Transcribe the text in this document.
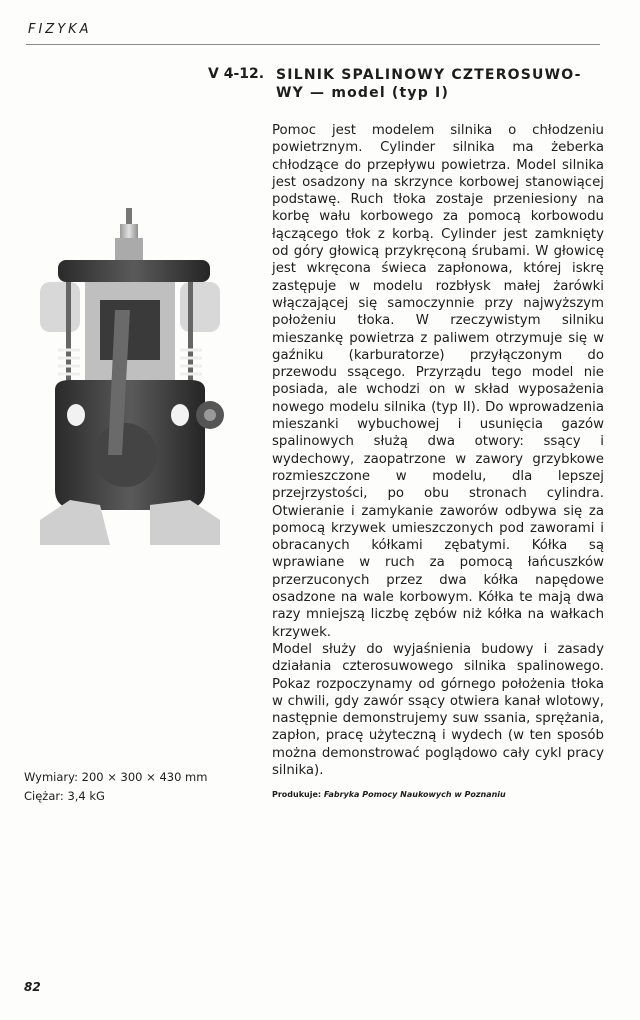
FIZYKA
V 4-12. SILNIK SPALINOWY CZTEROSUWO-
WY — model (typ I)

Pomoc jest modelem silnika o chłodzeniu powietrznym. Cylinder silnika ma żeberka chłodzące do przepływu powietrza. Model silnika jest osadzony na skrzynce korbowej stanowiącej podstawę. Ruch tłoka zostaje przeniesiony na korbę wału korbowego za pomocą korbowodu łączącego tłok z korbą. Cylinder jest zamknięty od góry głowicą przykręconą śrubami. W głowicę jest wkręcona świeca zapłonowa, której iskrę zastępuje w modelu rozbłysk małej żarówki włączającej się samoczynnie przy najwyższym położeniu tłoka. W rzeczywistym silniku mieszankę powietrza z paliwem otrzymuje się w gaźniku (karburatorze) przyłączonym do przewodu ssącego. Przyrządu tego model nie posiada, ale wchodzi on w skład wyposażenia nowego modelu silnika (typ II). Do wprowadzenia mieszanki wybuchowej i usunięcia gazów spalinowych służą dwa otwory: ssący i wydechowy, zaopatrzone w zawory grzybkowe rozmieszczone w modelu, dla lepszej przejrzystości, po obu stronach cylindra. Otwieranie i zamykanie zaworów odbywa się za pomocą krzywek umieszczonych pod zaworami i obracanych kółkami zębatymi. Kółka są wprawiane w ruch za pomocą łańcuszków przerzuconych przez dwa kółka napędowe osadzone na wale korbowym. Kółka te mają dwa razy mniejszą liczbę zębów niż kółka na wałkach krzywek.

Model służy do wyjaśnienia budowy i zasady działania czterosuwowego silnika spalinowego. Pokaz rozpoczynamy od górnego położenia tłoka w chwili, gdy zawór ssący otwiera kanał wlotowy, następnie demonstrujemy suw ssania, sprężania, zapłon, pracę użyteczną i wydech (w ten sposób można demonstrować poglądowo cały cykl pracy silnika).

Produkuje: Fabryka Pomocy Naukowych w Poznaniu
Wymiary: 200 × 300 × 430 mm
Ciężar: 3,4 kG
82
